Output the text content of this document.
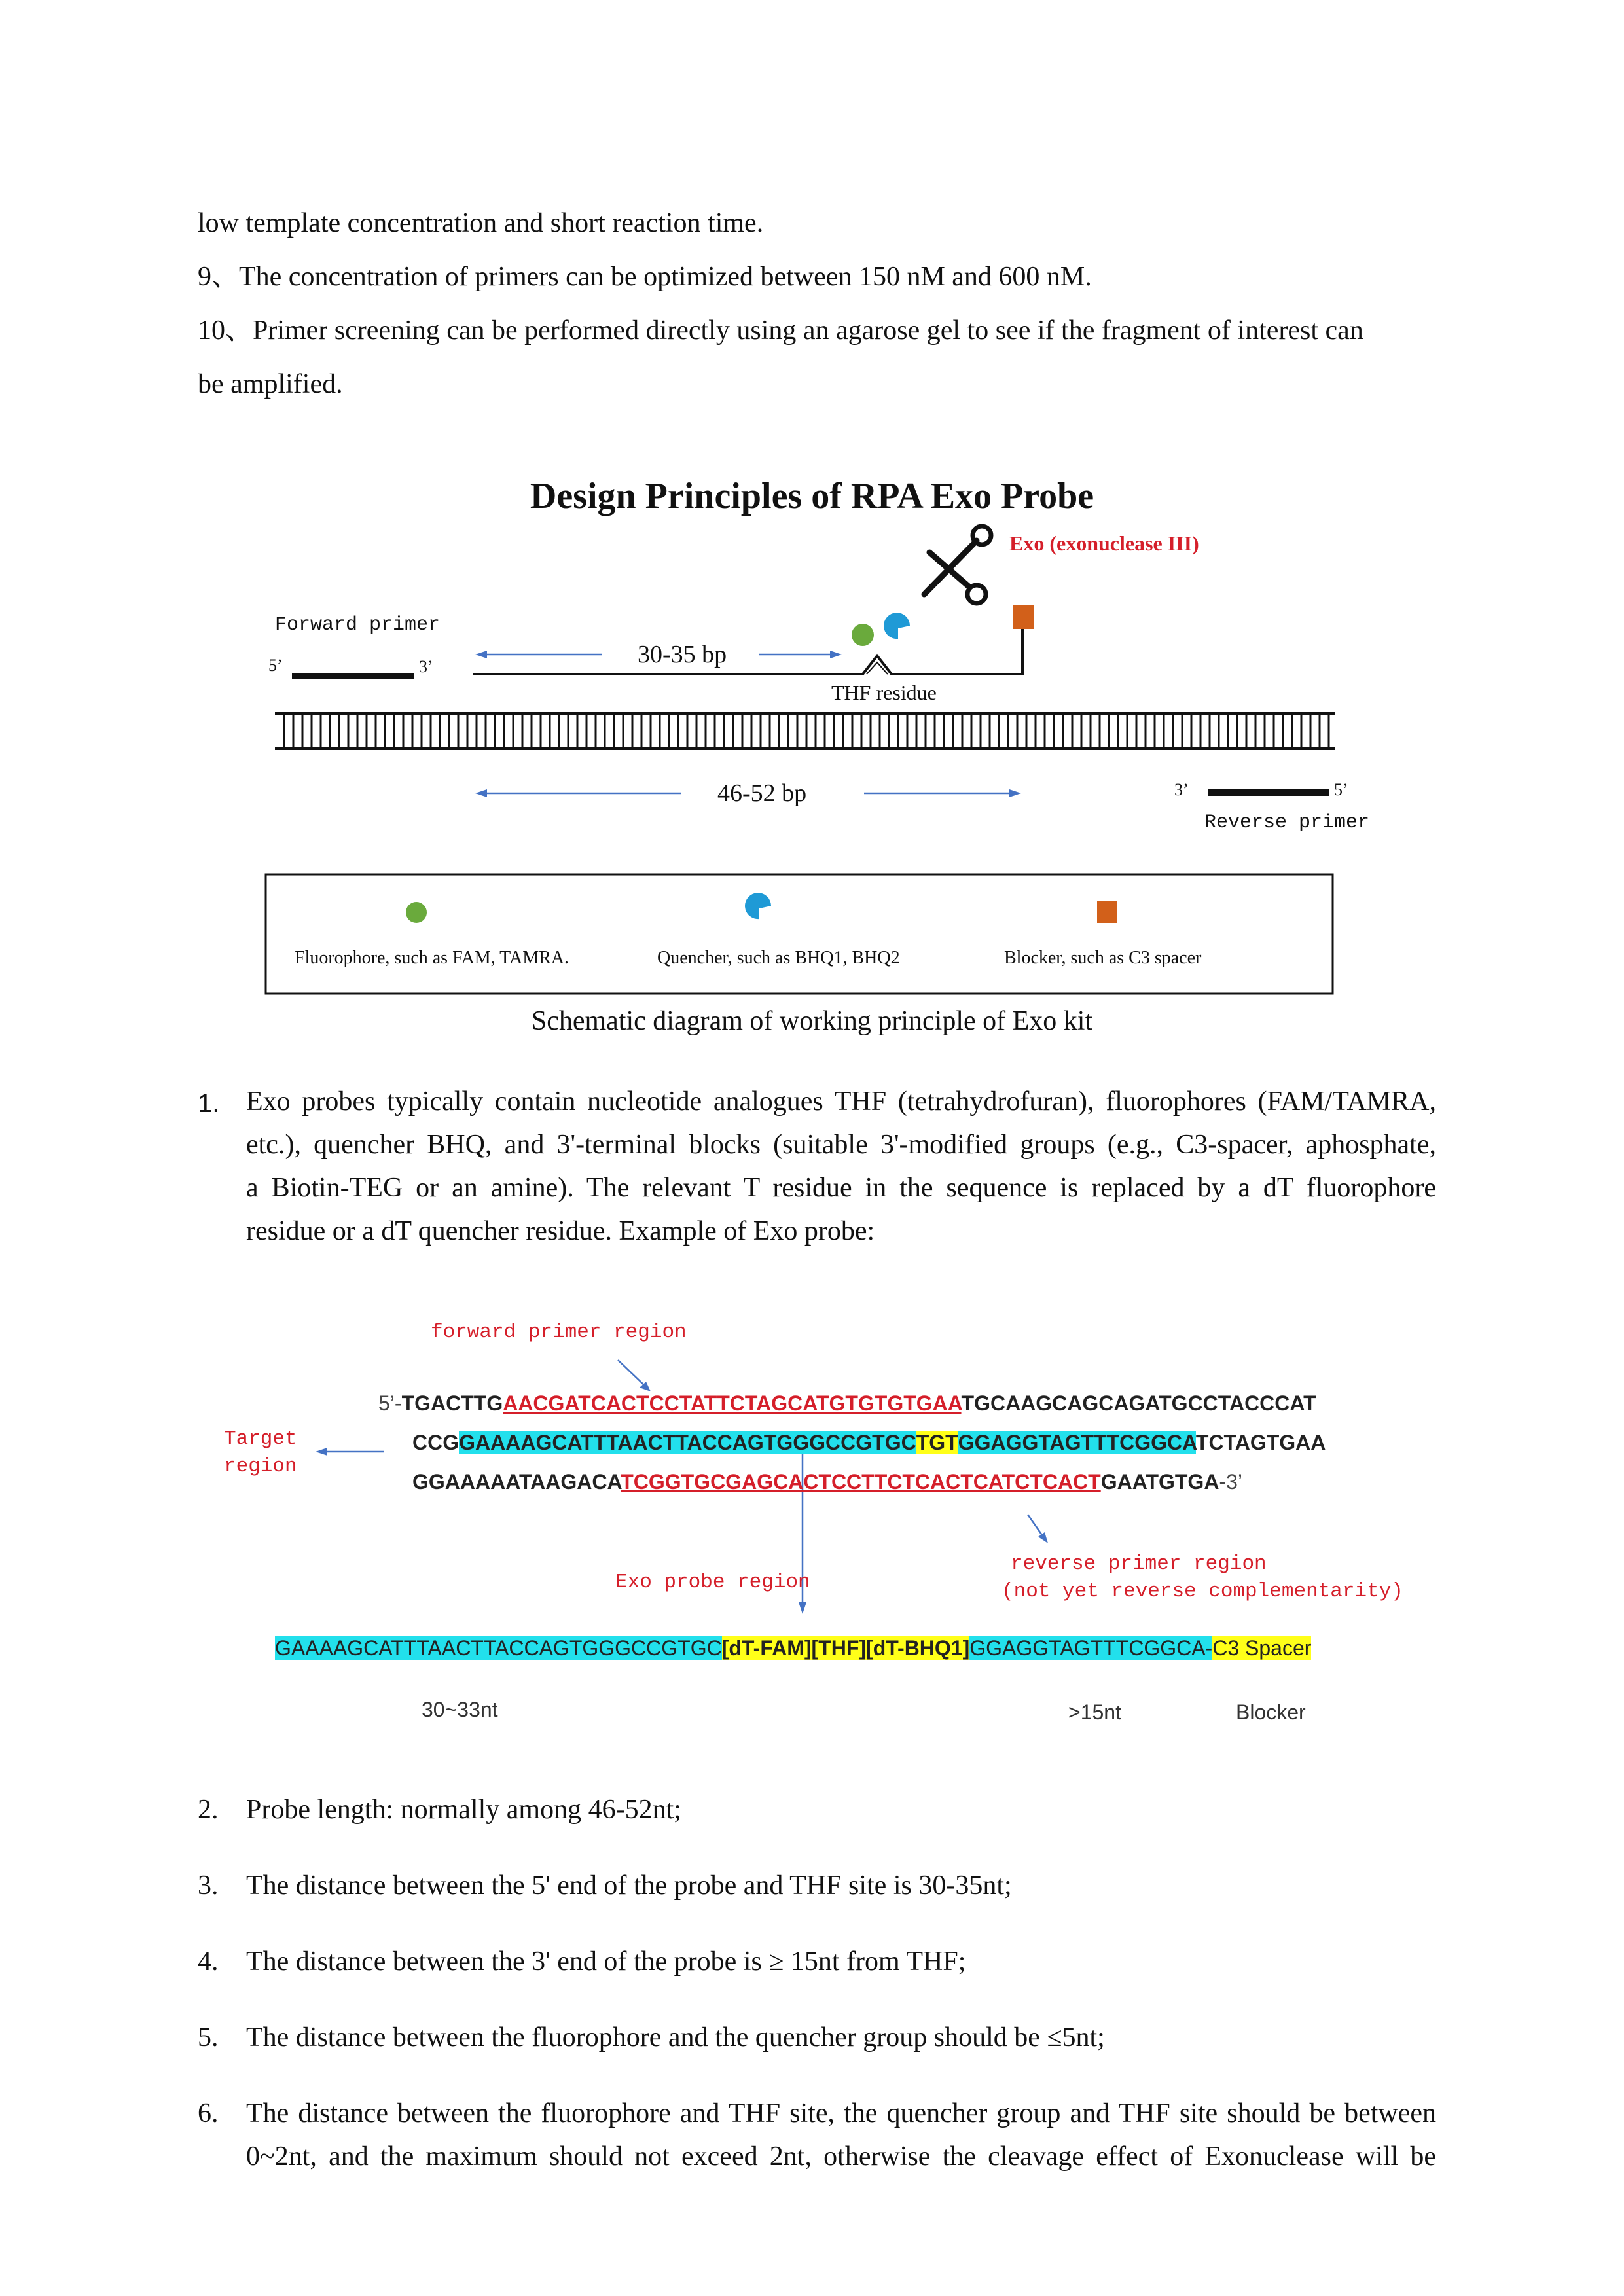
low template concentration and short reaction time.
9、The concentration of primers can be optimized between 150 nM and 600 nM.
10、Primer screening can be performed directly using an agarose gel to see if the fragment of interest can
be amplified.
Design Principles of RPA Exo Probe
Exo (exonuclease III)
Forward primer
5’	3’	30-35 bp
THF residue
46-52 bp	3’	5’
Reverse primer
Fluorophore, such as FAM, TAMRA.	Quencher, such as BHQ1, BHQ2	Blocker, such as C3 spacer
Schematic diagram of working principle of Exo kit
1. Exo probes typically contain nucleotide analogues THF (tetrahydrofuran), fluorophores (FAM/TAMRA,
etc.), quencher BHQ, and 3'-terminal blocks (suitable 3'-modified groups (e.g., C3-spacer, aphosphate,
a Biotin-TEG or an amine). The relevant T residue in the sequence is replaced by a dT fluorophore
residue or a dT quencher residue. Example of Exo probe:
forward primer region
Target
region
5’-TGACTTGAACGATCACTCCTATTCTAGCATGTGTGTGAATGCAAGCAGCAGATGCCTACCCAT
CCGGAAAAGCATTTAACTTACCAGTGGGCCGTGCTGTGGAGGTAGTTTCGGCATCTAGTGAA
GGAAAAATAAGACATCGGTGCGAGCACTCCTTCTCACTCATCTCACTGAATGTGA-3’
Exo probe region
reverse primer region
(not yet reverse complementarity)
GAAAAGCATTTAACTTACCAGTGGGCCGTGC[dT-FAM][THF][dT-BHQ1]GGAGGTAGTTTCGGCA-C3 Spacer
30~33nt	>15nt	Blocker
2. Probe length: normally among 46-52nt;
3. The distance between the 5' end of the probe and THF site is 30-35nt;
4. The distance between the 3' end of the probe is ≥ 15nt from THF;
5. The distance between the fluorophore and the quencher group should be ≤5nt;
6. The distance between the fluorophore and THF site, the quencher group and THF site should be between
0~2nt, and the maximum should not exceed 2nt, otherwise the cleavage effect of Exonuclease will be
